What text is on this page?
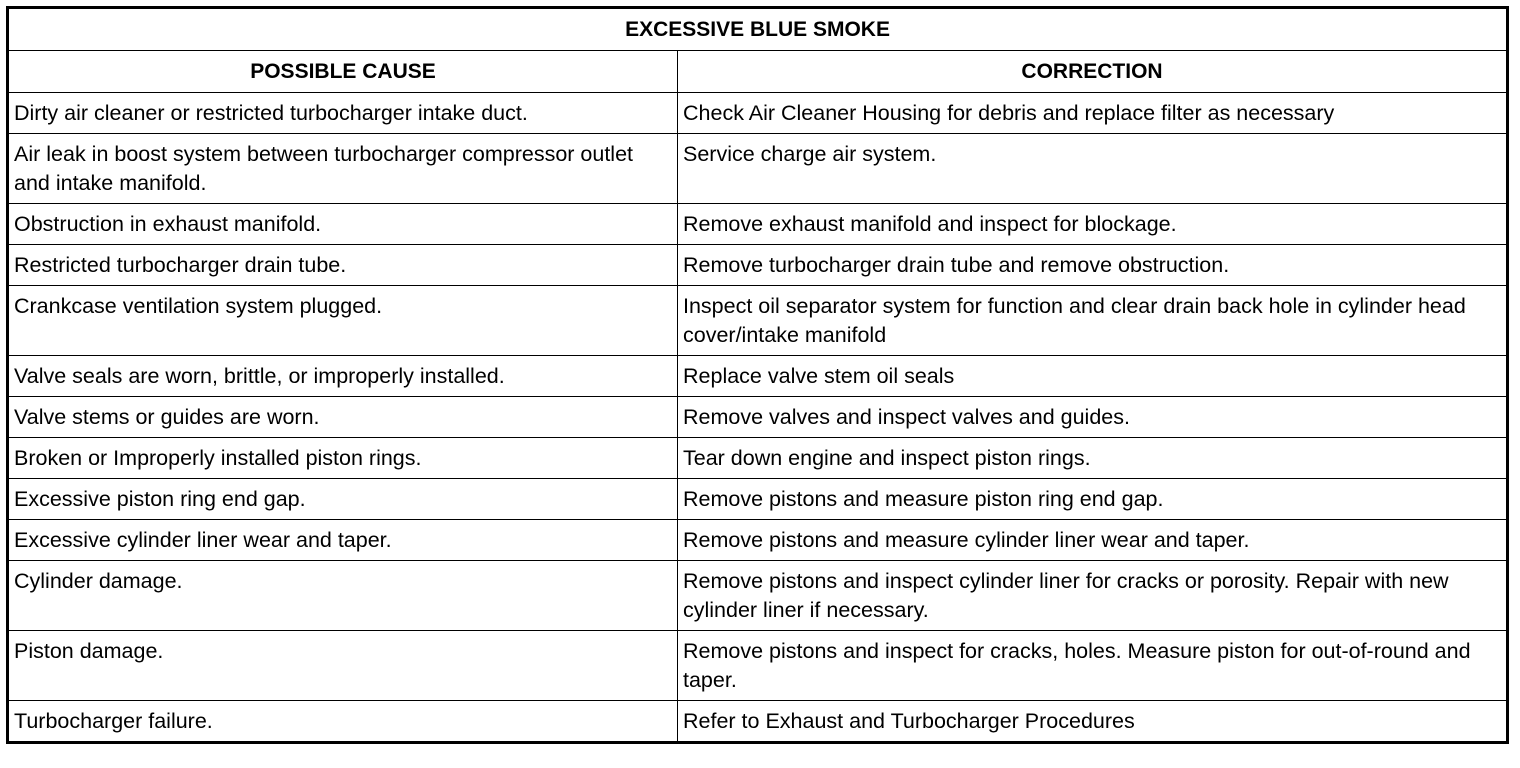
EXCESSIVE BLUE SMOKE	
POSSIBLE CAUSE	CORRECTION
Dirty air cleaner or restricted turbocharger intake duct.	Check Air Cleaner Housing for debris and replace filter as necessary
Air leak in boost system between turbocharger compressor outlet and intake manifold.	Service charge air system.
Obstruction in exhaust manifold.	Remove exhaust manifold and inspect for blockage.
Restricted turbocharger drain tube.	Remove turbocharger drain tube and remove obstruction.
Crankcase ventilation system plugged.	Inspect oil separator system for function and clear drain back hole in cylinder head cover/intake manifold
Valve seals are worn, brittle, or improperly installed.	Replace valve stem oil seals
Valve stems or guides are worn.	Remove valves and inspect valves and guides.
Broken or Improperly installed piston rings.	Tear down engine and inspect piston rings.
Excessive piston ring end gap.	Remove pistons and measure piston ring end gap.
Excessive cylinder liner wear and taper.	Remove pistons and measure cylinder liner wear and taper.
Cylinder damage.	Remove pistons and inspect cylinder liner for cracks or porosity. Repair with new cylinder liner if necessary.
Piston damage.	Remove pistons and inspect for cracks, holes. Measure piston for out-of-round and taper.
Turbocharger failure.	Refer to Exhaust and Turbocharger Procedures
